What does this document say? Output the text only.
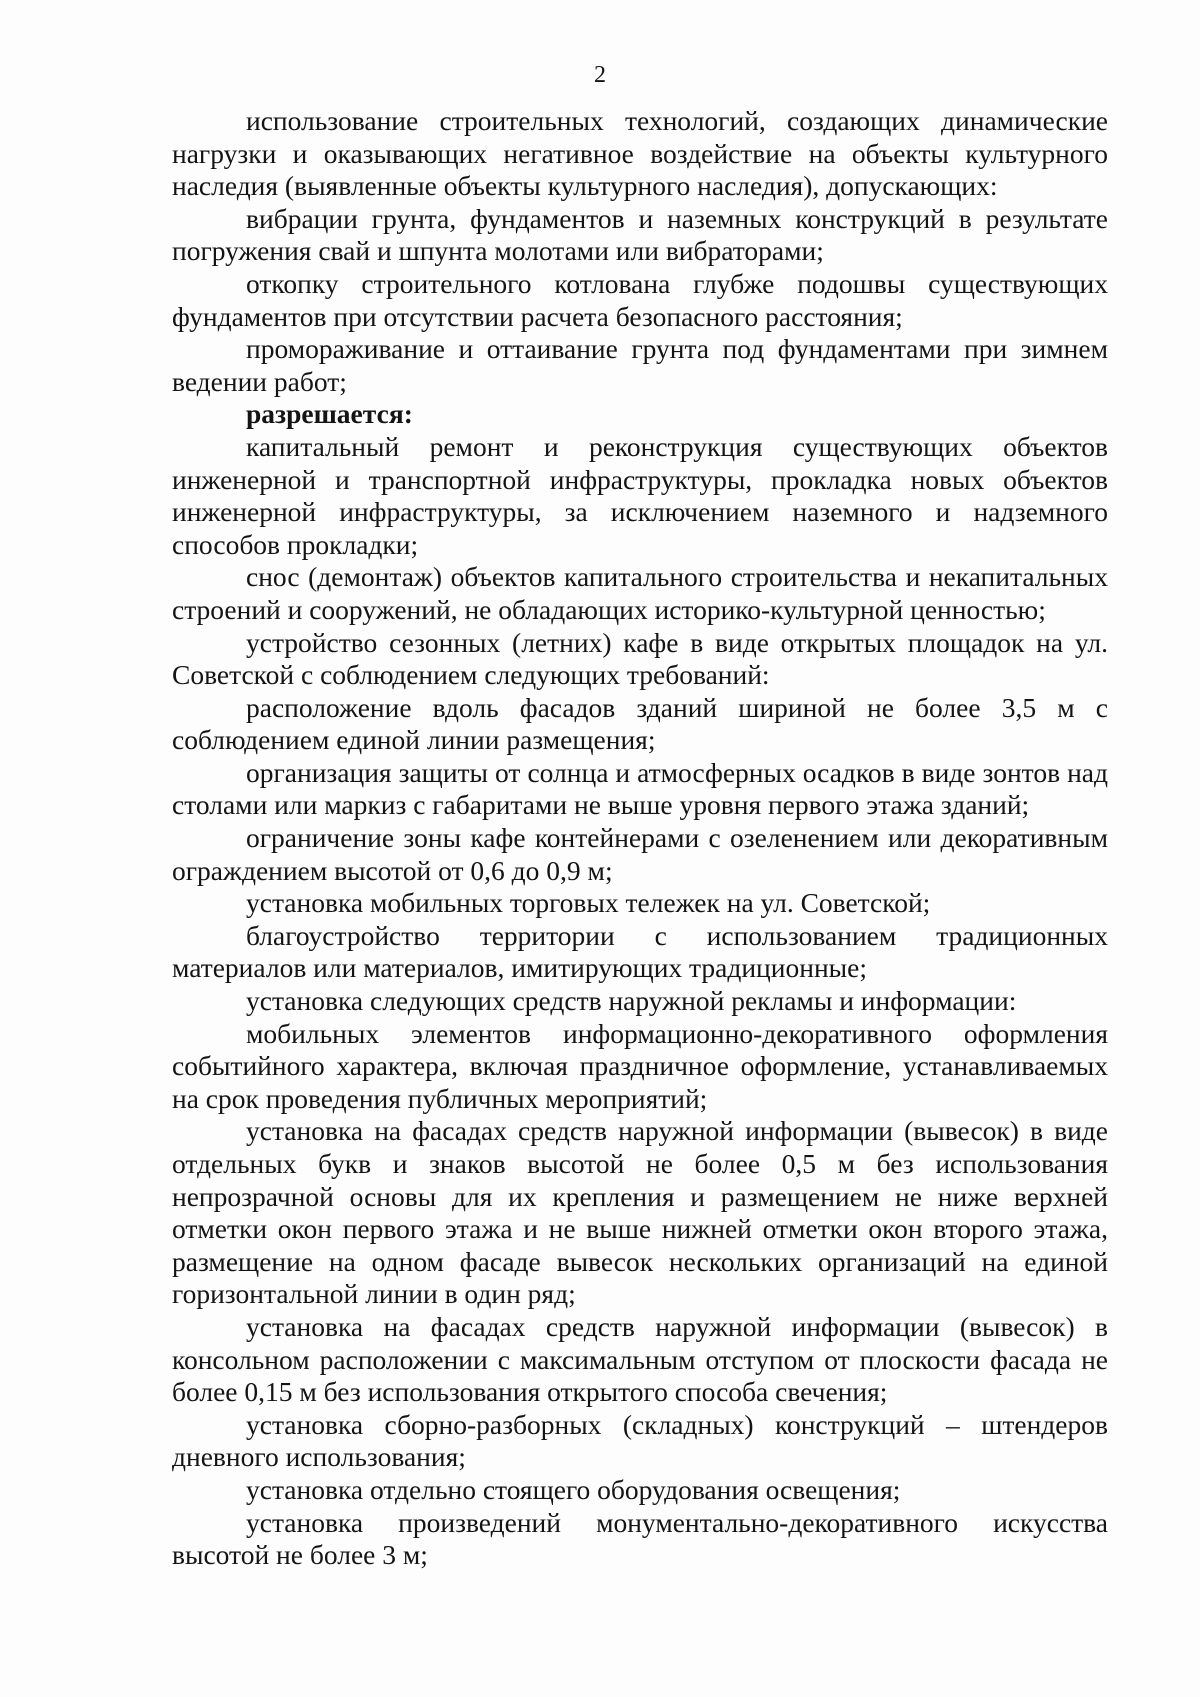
2

использование строительных технологий, создающих динамические нагрузки и оказывающих негативное воздействие на объекты культурного наследия (выявленные объекты культурного наследия), допускающих:

вибрации грунта, фундаментов и наземных конструкций в результате погружения свай и шпунта молотами или вибраторами;

откопку строительного котлована глубже подошвы существующих фундаментов при отсутствии расчета безопасного расстояния;

промораживание и оттаивание грунта под фундаментами при зимнем ведении работ;

разрешается:

капитальный ремонт и реконструкция существующих объектов инженерной и транспортной инфраструктуры, прокладка новых объектов инженерной инфраструктуры, за исключением наземного и надземного способов прокладки;

снос (демонтаж) объектов капитального строительства и некапитальных строений и сооружений, не обладающих историко-культурной ценностью;

устройство сезонных (летних) кафе в виде открытых площадок на ул. Советской с соблюдением следующих требований:

расположение вдоль фасадов зданий шириной не более 3,5 м с соблюдением единой линии размещения;

организация защиты от солнца и атмосферных осадков в виде зонтов над столами или маркиз с габаритами не выше уровня первого этажа зданий;

ограничение зоны кафе контейнерами с озеленением или декоративным ограждением высотой от 0,6 до 0,9 м;

установка мобильных торговых тележек на ул. Советской;

благоустройство территории с использованием традиционных материалов или материалов, имитирующих традиционные;

установка следующих средств наружной рекламы и информации:

мобильных элементов информационно-декоративного оформления событийного характера, включая праздничное оформление, устанавливаемых на срок проведения публичных мероприятий;

установка на фасадах средств наружной информации (вывесок) в виде отдельных букв и знаков высотой не более 0,5 м без использования непрозрачной основы для их крепления и размещением не ниже верхней отметки окон первого этажа и не выше нижней отметки окон второго этажа, размещение на одном фасаде вывесок нескольких организаций на единой горизонтальной линии в один ряд;

установка на фасадах средств наружной информации (вывесок) в консольном расположении с максимальным отступом от плоскости фасада не более 0,15 м без использования открытого способа свечения;

установка сборно-разборных (складных) конструкций – штендеров дневного использования;

установка отдельно стоящего оборудования освещения;

установка произведений монументально-декоративного искусства высотой не более 3 м;
